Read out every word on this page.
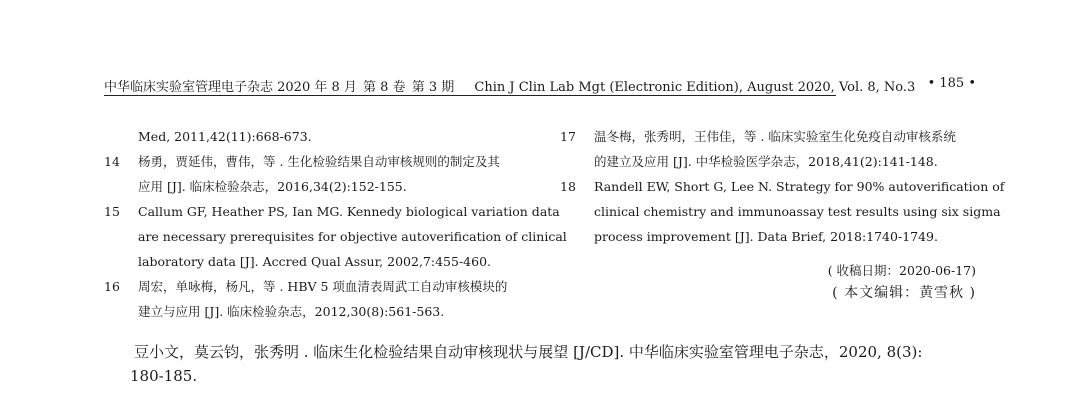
中华临床实验室管理电子杂志 2020 年 8 月 第 8 卷 第 3 期 Chin J Clin Lab Mgt (Electronic Edition), August 2020, Vol. 8, No.3 • 185 •
Med, 2011,42(11):668-673.
14 杨勇，贾延伟，曹伟，等 . 生化检验结果自动审核规则的制定及其
应用 [J]. 临床检验杂志，2016,34(2):152-155.
15 Callum GF, Heather PS, Ian MG. Kennedy biological variation data
are necessary prerequisites for objective autoverification of clinical
laboratory data [J]. Accred Qual Assur, 2002,7:455-460.
16 周宏，单咏梅，杨凡，等 . HBV 5 项血清表周武工自动审核模块的
建立与应用 [J]. 临床检验杂志，2012,30(8):561-563.
17 温冬梅，张秀明，王伟佳，等 . 临床实验室生化免疫自动审核系统
的建立及应用 [J]. 中华检验医学杂志，2018,41(2):141-148.
18 Randell EW, Short G, Lee N. Strategy for 90% autoverification of
clinical chemistry and immunoassay test results using six sigma
process improvement [J]. Data Brief, 2018:1740-1749.
( 收稿日期：2020-06-17)
( 本文编辑：黄雪秋 )
豆小文，莫云钧，张秀明 . 临床生化检验结果自动审核现状与展望 [J/CD]. 中华临床实验室管理电子杂志，2020, 8(3):
180-185.
